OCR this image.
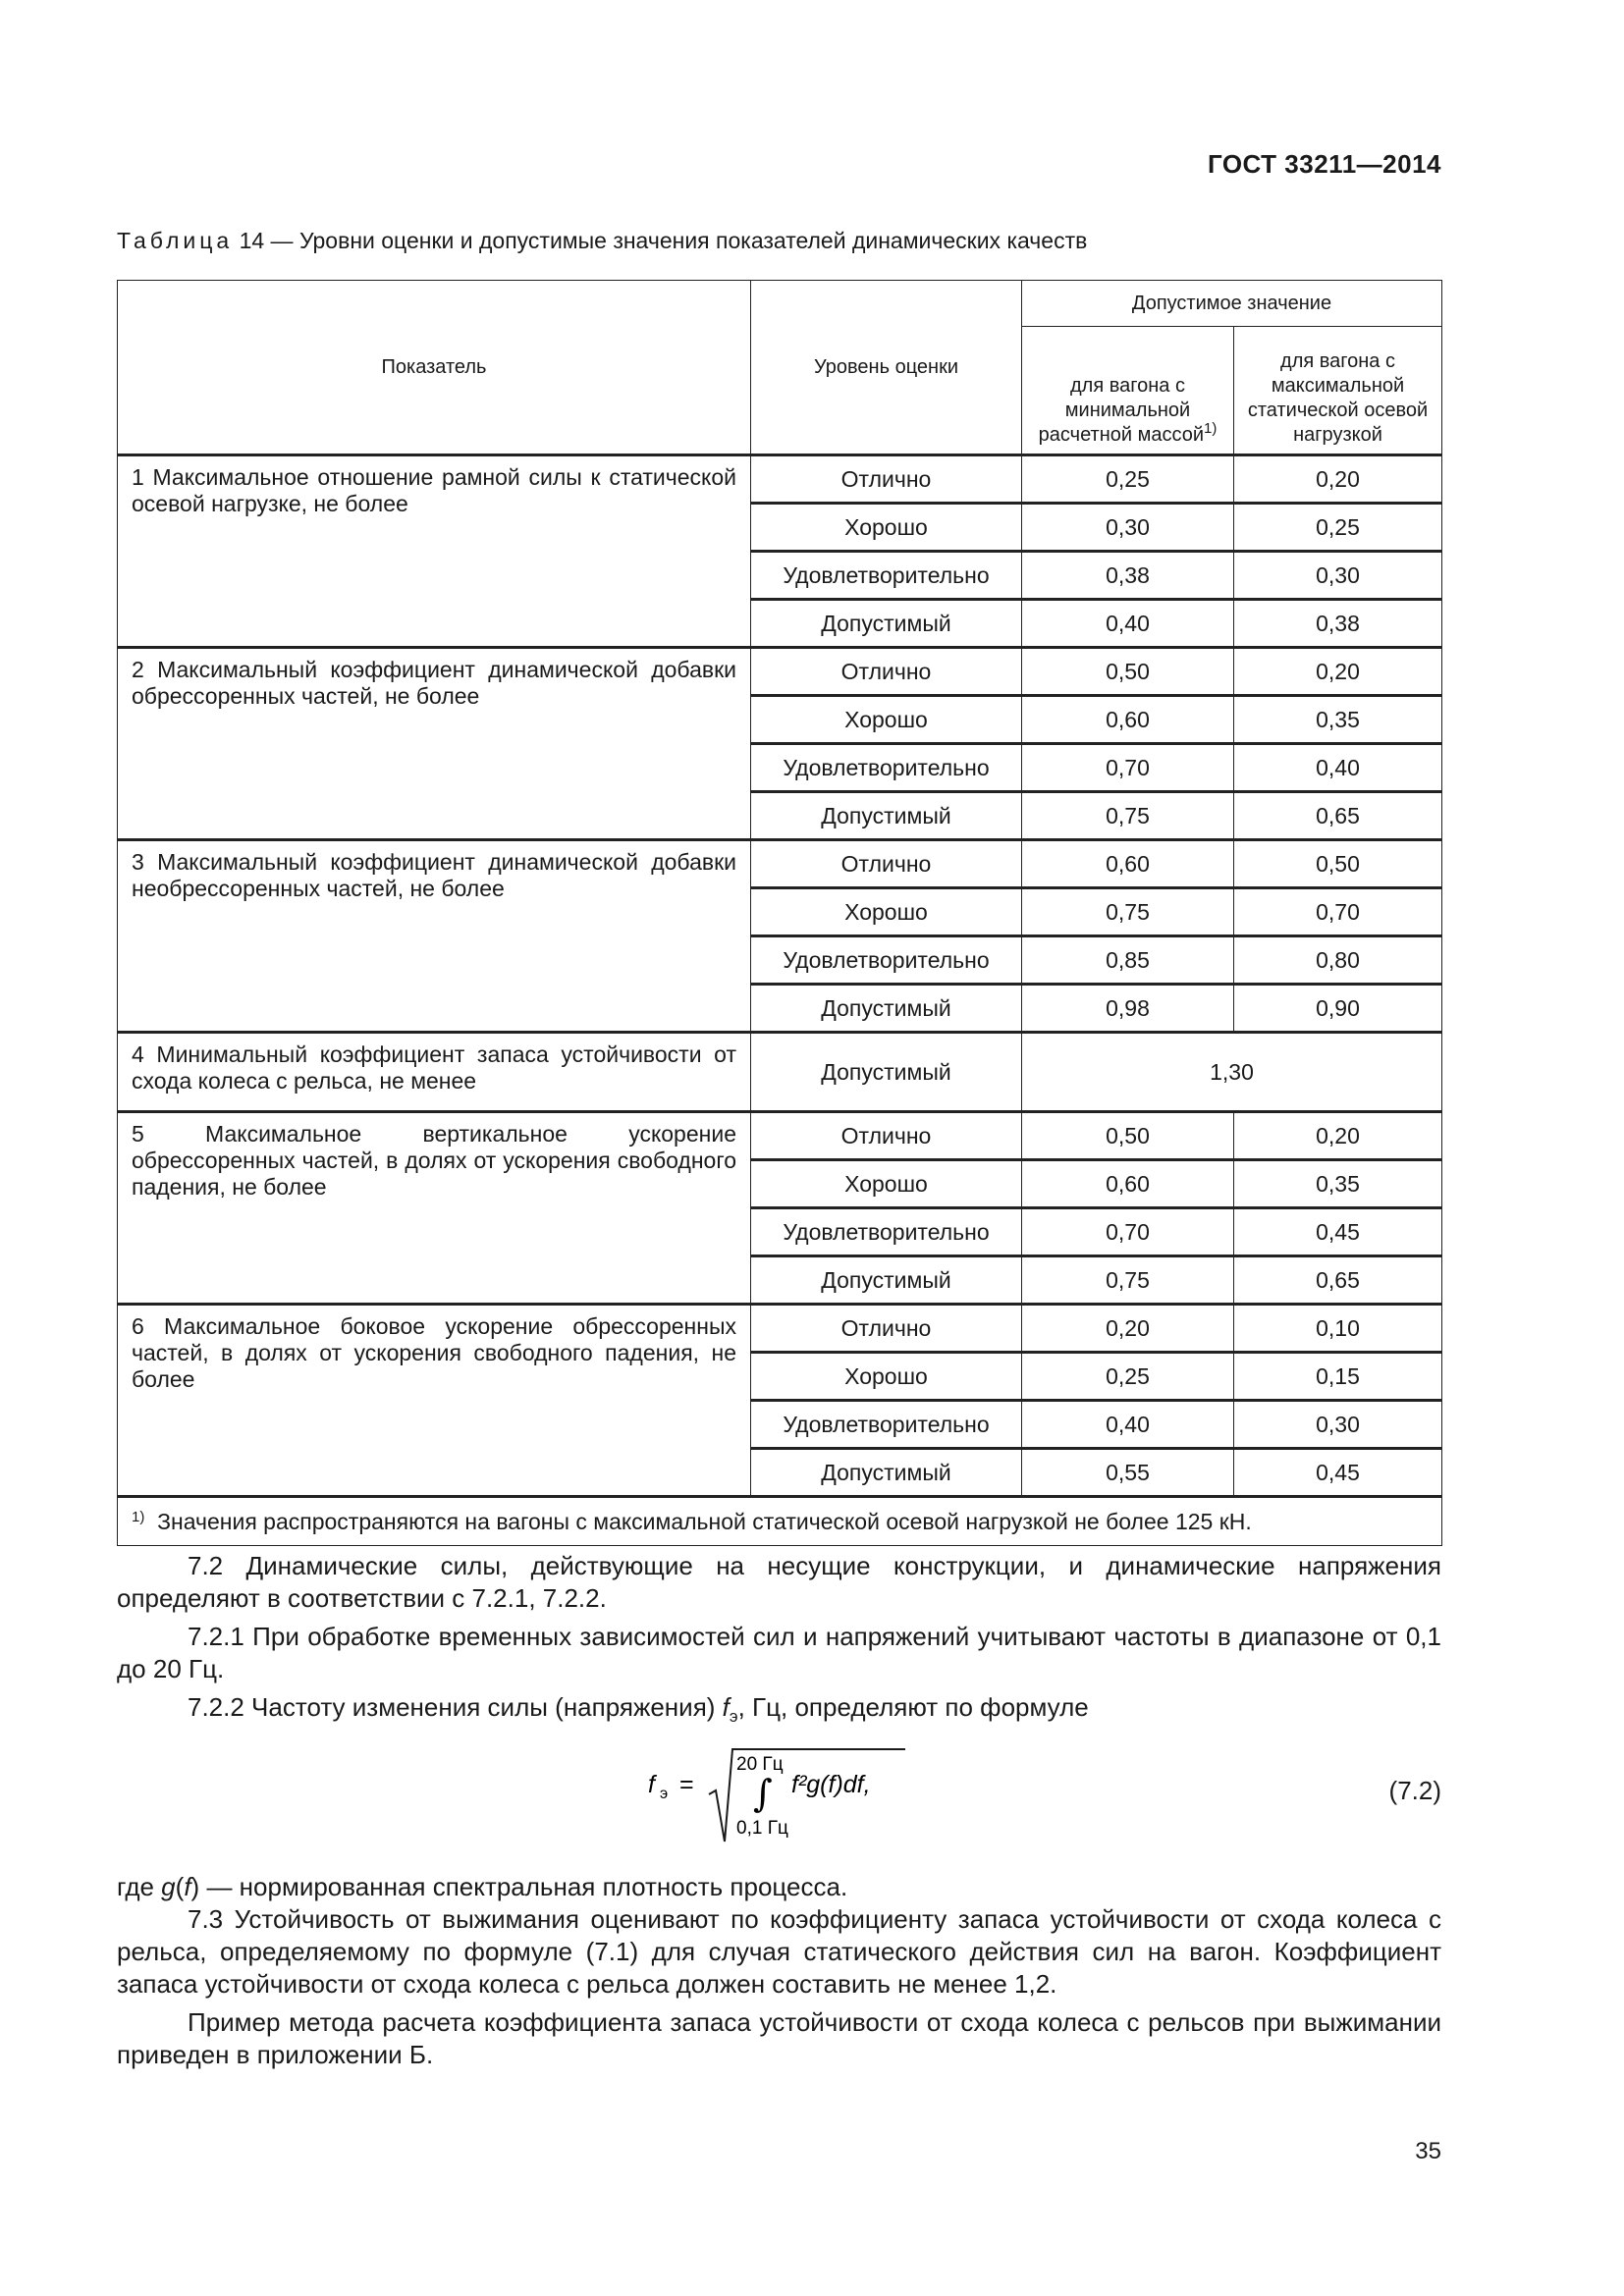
ГОСТ 33211—2014
Таблица 14 — Уровни оценки и допустимые значения показателей динамических качеств
Показатель	Уровень оценки	Допустимое значение	
		для вагона с минимальной расчетной массой$^{1)}$	для вагона с максимальной статической осевой нагрузкой
1 Максимальное отношение рамной силы к статической осевой нагрузке, не более	Отлично	0,25	0,20
	Хорошо	0,30	0,25
	Удовлетворительно	0,38	0,30
	Допустимый	0,40	0,38
2 Максимальный коэффициент динамической добавки обрессоренных частей, не более	Отлично	0,50	0,20
	Хорошо	0,60	0,35
	Удовлетворительно	0,70	0,40
	Допустимый	0,75	0,65
3 Максимальный коэффициент динамической добавки необрессоренных частей, не более	Отлично	0,60	0,50
	Хорошо	0,75	0,70
	Удовлетворительно	0,85	0,80
	Допустимый	0,98	0,90
4 Минимальный коэффициент запаса устойчивости от схода колеса с рельса, не менее	Допустимый	1,30	
5 Максимальное вертикальное ускорение обрессоренных частей, в долях от ускорения свободного падения, не более	Отлично	0,50	0,20
	Хорошо	0,60	0,35
	Удовлетворительно	0,70	0,45
	Допустимый	0,75	0,65
6 Максимальное боковое ускорение обрессоренных частей, в долях от ускорения свободного падения, не более	Отлично	0,20	0,10
	Хорошо	0,25	0,15
	Удовлетворительно	0,40	0,30
	Допустимый	0,55	0,45
$^{1)}$ Значения распространяются на вагоны с максимальной статической осевой нагрузкой не более 125 кН.			
7.2 Динамические силы, действующие на несущие конструкции, и динамические напряжения определяют в соответствии с 7.2.1, 7.2.2.
7.2.1 При обработке временных зависимостей сил и напряжений учитывают частоты в диапазоне от 0,1 до 20 Гц.
7.2.2 Частоту изменения силы (напряжения) $f_э$, Гц, определяют по формуле
f э =
20 Гц
∫
0,1 Гц
f²g(f)df,	(7.2)
где g(f) — нормированная спектральная плотность процесса.
7.3 Устойчивость от выжимания оценивают по коэффициенту запаса устойчивости от схода колеса с рельса, определяемому по формуле (7.1) для случая статического действия сил на вагон. Коэффициент запаса устойчивости от схода колеса с рельса должен составить не менее 1,2.
Пример метода расчета коэффициента запаса устойчивости от схода колеса с рельсов при выжимании приведен в приложении Б.
35
